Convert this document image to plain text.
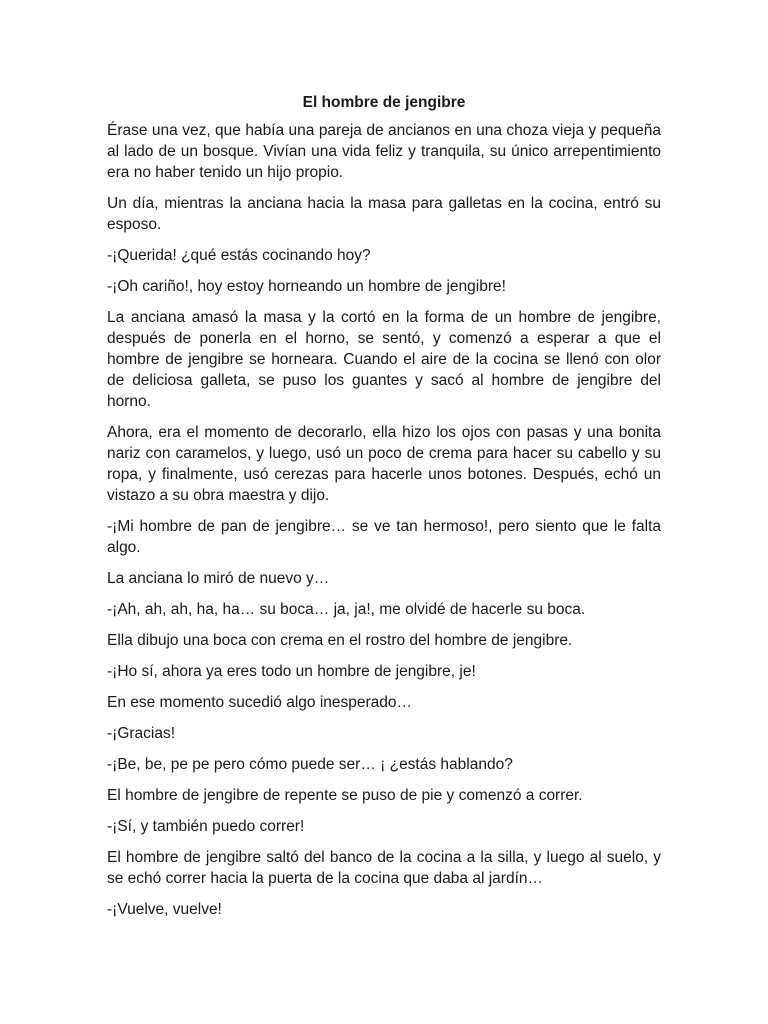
El hombre de jengibre

Érase una vez, que había una pareja de ancianos en una choza vieja y pequeña al lado de un bosque. Vivían una vida feliz y tranquila, su único arrepentimiento era no haber tenido un hijo propio.

Un día, mientras la anciana hacia la masa para galletas en la cocina, entró su esposo.

-¡Querida! ¿qué estás cocinando hoy?

-¡Oh cariño!, hoy estoy horneando un hombre de jengibre!

La anciana amasó la masa y la cortó en la forma de un hombre de jengibre, después de ponerla en el horno, se sentó, y comenzó a esperar a que el hombre de jengibre se horneara. Cuando el aire de la cocina se llenó con olor de deliciosa galleta, se puso los guantes y sacó al hombre de jengibre del horno.

Ahora, era el momento de decorarlo, ella hizo los ojos con pasas y una bonita nariz con caramelos, y luego, usó un poco de crema para hacer su cabello y su ropa, y finalmente, usó cerezas para hacerle unos botones. Después, echó un vistazo a su obra maestra y dijo.

-¡Mi hombre de pan de jengibre… se ve tan hermoso!, pero siento que le falta algo.

La anciana lo miró de nuevo y…

-¡Ah, ah, ah, ha, ha… su boca… ja, ja!, me olvidé de hacerle su boca.

Ella dibujo una boca con crema en el rostro del hombre de jengibre.

-¡Ho sí, ahora ya eres todo un hombre de jengibre, je!

En ese momento sucedió algo inesperado…

-¡Gracias!

-¡Be, be, pe pe pero cómo puede ser… ¡ ¿estás hablando?

El hombre de jengibre de repente se puso de pie y comenzó a correr.

-¡Sí, y también puedo correr!

El hombre de jengibre saltó del banco de la cocina a la silla, y luego al suelo, y se echó correr hacia la puerta de la cocina que daba al jardín…

-¡Vuelve, vuelve!
